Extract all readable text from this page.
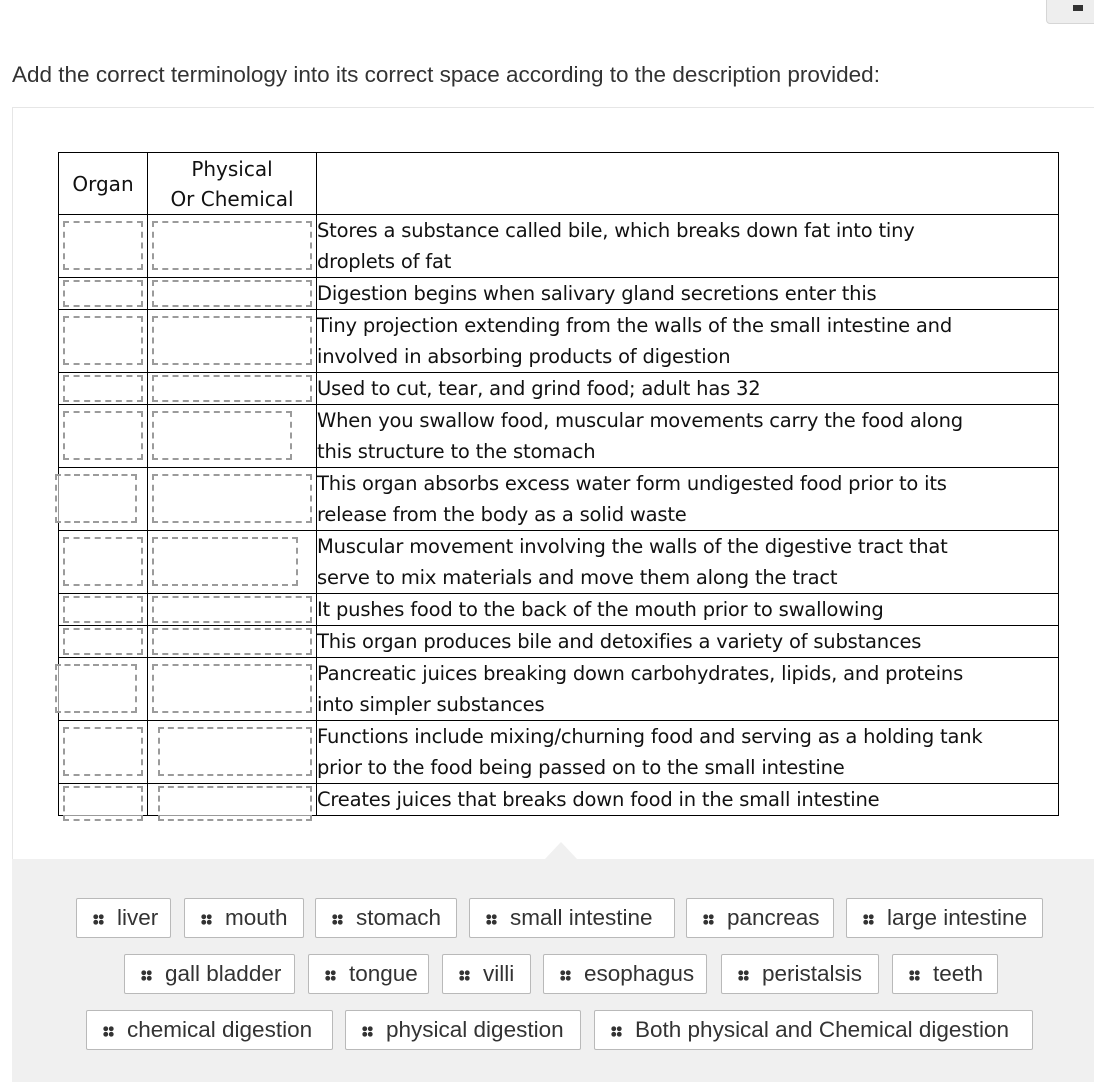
Add the correct terminology into its correct space according to the description provided:
Organ	Physical
Or Chemical	

		Stores a substance called bile, which breaks down fat into tiny
droplets of fat

		Digestion begins when salivary gland secretions enter this

		Tiny projection extending from the walls of the small intestine and
involved in absorbing products of digestion

		Used to cut, tear, and grind food; adult has 32

		When you swallow food, muscular movements carry the food along
this structure to the stomach

		This organ absorbs excess water form undigested food prior to its
release from the body as a solid waste

		Muscular movement involving the walls of the digestive tract that
serve to mix materials and move them along the tract

		It pushes food to the back of the mouth prior to swallowing

		This organ produces bile and detoxifies a variety of substances

		Pancreatic juices breaking down carbohydrates, lipids, and proteins
into simpler substances

		Functions include mixing/churning food and serving as a holding tank
prior to the food being passed on to the small intestine

		Creates juices that breaks down food in the small intestine
liver	mouth	stomach	small intestine	pancreas	large intestine
gall bladder	tongue	villi	esophagus	peristalsis	teeth
chemical digestion	physical digestion	Both physical and Chemical digestion
